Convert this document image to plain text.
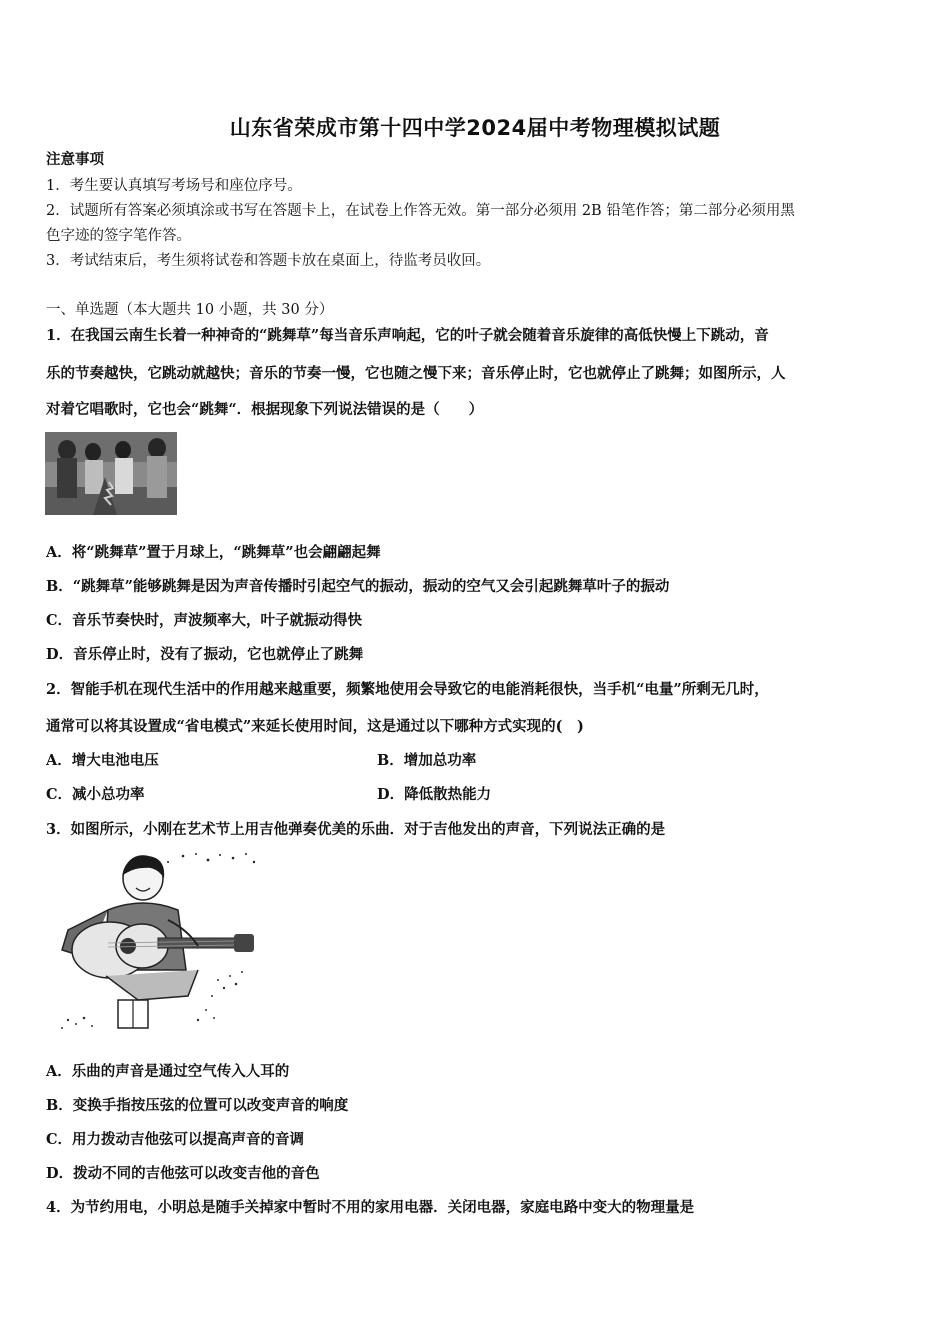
山东省荣成市第十四中学2024届中考物理模拟试题
注意事项
1．考生要认真填写考场号和座位序号。
2．试题所有答案必须填涂或书写在答题卡上，在试卷上作答无效。第一部分必须用 2B 铅笔作答；第二部分必须用黑
色字迹的签字笔作答。
3．考试结束后，考生须将试卷和答题卡放在桌面上，待监考员收回。
一、单选题（本大题共 10 小题，共 30 分）
1．在我国云南生长着一种神奇的“跳舞草”每当音乐声响起，它的叶子就会随着音乐旋律的高低快慢上下跳动，音
乐的节奏越快，它跳动就越快；音乐的节奏一慢，它也随之慢下来；音乐停止时，它也就停止了跳舞；如图所示，人
对着它唱歌时，它也会“跳舞“．根据现象下列说法错误的是（　　）
A．将“跳舞草”置于月球上，“跳舞草”也会翩翩起舞
B．“跳舞草”能够跳舞是因为声音传播时引起空气的振动，振动的空气又会引起跳舞草叶子的振动
C．音乐节奏快时，声波频率大，叶子就振动得快
D．音乐停止时，没有了振动，它也就停止了跳舞
2．智能手机在现代生活中的作用越来越重要，频繁地使用会导致它的电能消耗很快，当手机“电量”所剩无几时，
通常可以将其设置成“省电模式”来延长使用时间，这是通过以下哪种方式实现的(　)
A．增大电池电压	B．增加总功率
C．减小总功率	D．降低散热能力
3．如图所示，小刚在艺术节上用吉他弹奏优美的乐曲．对于吉他发出的声音，下列说法正确的是
A．乐曲的声音是通过空气传入人耳的
B．变换手指按压弦的位置可以改变声音的响度
C．用力拨动吉他弦可以提高声音的音调
D．拨动不同的吉他弦可以改变吉他的音色
4．为节约用电，小明总是随手关掉家中暂时不用的家用电器．关闭电器，家庭电路中变大的物理量是
